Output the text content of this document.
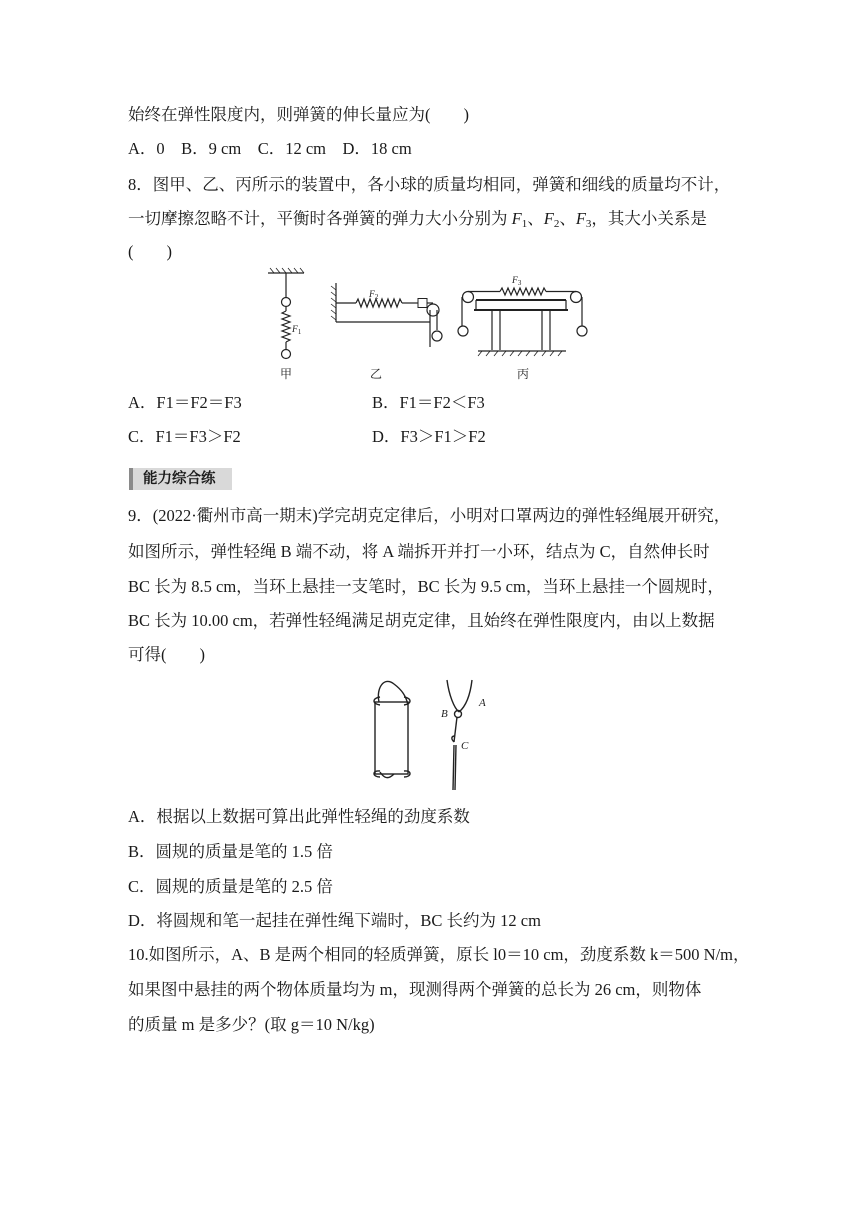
始终在弹性限度内，则弹簧的伸长量应为(　　)
A．0　B．9 cm　C．12 cm　D．18 cm
8．图甲、乙、丙所示的装置中，各小球的质量均相同，弹簧和细线的质量均不计，
一切摩擦忽略不计，平衡时各弹簧的弹力大小分别为 $F_1$、$F_2$、$F_3$，其大小关系是
(　　)
$F_1$
$F_2$
$F_3$
甲	乙	丙
A．F1＝F2＝F3	B．F1＝F2＜F3
C．F1＝F3＞F2	D．F3＞F1＞F2
能力综合练
9．(2022·衢州市高一期末)学完胡克定律后，小明对口罩两边的弹性轻绳展开研究，
如图所示，弹性轻绳 B 端不动，将 A 端拆开并打一小环，结点为 C，自然伸长时
BC 长为 8.5 cm，当环上悬挂一支笔时，BC 长为 9.5 cm，当环上悬挂一个圆规时，
BC 长为 10.00 cm，若弹性轻绳满足胡克定律，且始终在弹性限度内，由以上数据
可得(　　)
A
B
C
A．根据以上数据可算出此弹性轻绳的劲度系数
B．圆规的质量是笔的 1.5 倍
C．圆规的质量是笔的 2.5 倍
D．将圆规和笔一起挂在弹性绳下端时，BC 长约为 12 cm
10.如图所示，A、B 是两个相同的轻质弹簧，原长 l0＝10 cm，劲度系数 k＝500 N/m，
如果图中悬挂的两个物体质量均为 m，现测得两个弹簧的总长为 26 cm，则物体
的质量 m 是多少？(取 g＝10 N/kg)
